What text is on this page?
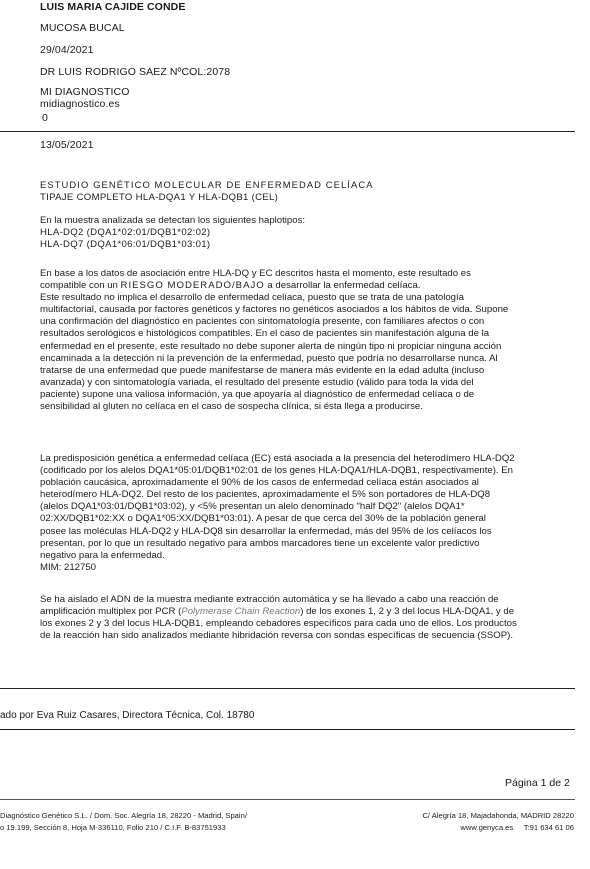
LUIS MARIA CAJIDE CONDE
MUCOSA BUCAL
29/04/2021
DR LUIS RODRIGO SAEZ NºCOL:2078
MI DIAGNOSTICO
midiagnostico.es
0
13/05/2021
ESTUDIO GENÉTICO MOLECULAR DE ENFERMEDAD CELÍACA
TIPAJE COMPLETO HLA-DQA1 Y HLA-DQB1 (CEL)
En la muestra analizada se detectan los siguientes haplotipos:
HLA-DQ2 (DQA1*02:01/DQB1*02:02)
HLA-DQ7 (DQA1*06:01/DQB1*03:01)
En base a los datos de asociación entre HLA-DQ y EC descritos hasta el momento, este resultado es
compatible con un RIESGO MODERADO/BAJO a desarrollar la enfermedad celíaca.
Este resultado no implica el desarrollo de enfermedad celíaca, puesto que se trata de una patología
multifactorial, causada por factores genéticos y factores no genéticos asociados a los hábitos de vida. Supone
una confirmación del diagnóstico en pacientes con sintomatología presente, con familiares afectos o con
resultados serológicos e histológicos compatibles. En el caso de pacientes sin manifestación alguna de la
enfermedad en el presente, este resultado no debe suponer alerta de ningún tipo ni propiciar ninguna acción
encaminada a la detección ni la prevención de la enfermedad, puesto que podría no desarrollarse nunca. Al
tratarse de una enfermedad que puede manifestarse de manera más evidente en la edad adulta (incluso
avanzada) y con sintomatología variada, el resultado del presente estudio (válido para toda la vida del
paciente) supone una valiosa información, ya que apoyaría al diagnóstico de enfermedad celíaca o de
sensibilidad al gluten no celíaca en el caso de sospecha clínica, si ésta llega a producirse.
La predisposición genética a enfermedad celíaca (EC) está asociada a la presencia del heterodímero HLA-DQ2
(codificado por los alelos DQA1*05:01/DQB1*02:01 de los genes HLA-DQA1/HLA-DQB1, respectivamente). En
población caucásica, aproximadamente el 90% de los casos de enfermedad celíaca están asociados al
heterodímero HLA-DQ2. Del resto de los pacientes, aproximadamente el 5% son portadores de HLA-DQ8
(alelos DQA1*03:01/DQB1*03:02), y <5% presentan un alelo denominado "half DQ2" (alelos DQA1*
02:XX/DQB1*02:XX o DQA1*05:XX/DQB1*03:01). A pesar de que cerca del 30% de la población general
posee las moléculas HLA-DQ2 y HLA-DQ8 sin desarrollar la enfermedad, más del 95% de los celíacos los
presentan, por lo que un resultado negativo para ambos marcadores tiene un excelente valor predictivo
negativo para la enfermedad.
MIM: 212750
Se ha aislado el ADN de la muestra mediante extracción automática y se ha llevado a cabo una reacción de
amplificación multiplex por PCR (Polymerase Chain Reaction) de los exones 1, 2 y 3 del locus HLA-DQA1, y de
los exones 2 y 3 del locus HLA-DQB1, empleando cebadores específicos para cada uno de ellos. Los productos
de la reacción han sido analizados mediante hibridación reversa con sondas específicas de secuencia (SSOP).
ado por Eva Ruiz Casares, Directora Técnica, Col. 18780
Página 1 de 2
Diagnóstico Genético S.L. / Dom. Soc. Alegría 18, 28220 - Madrid, Spain/
o 19.199, Sección 8, Hoja M-336110, Folio 210 / C.I.F. B-83751933
C/ Alegría 18, Majadahonda, MADRID 28220
www.genyca.es T:91 634 61 06
